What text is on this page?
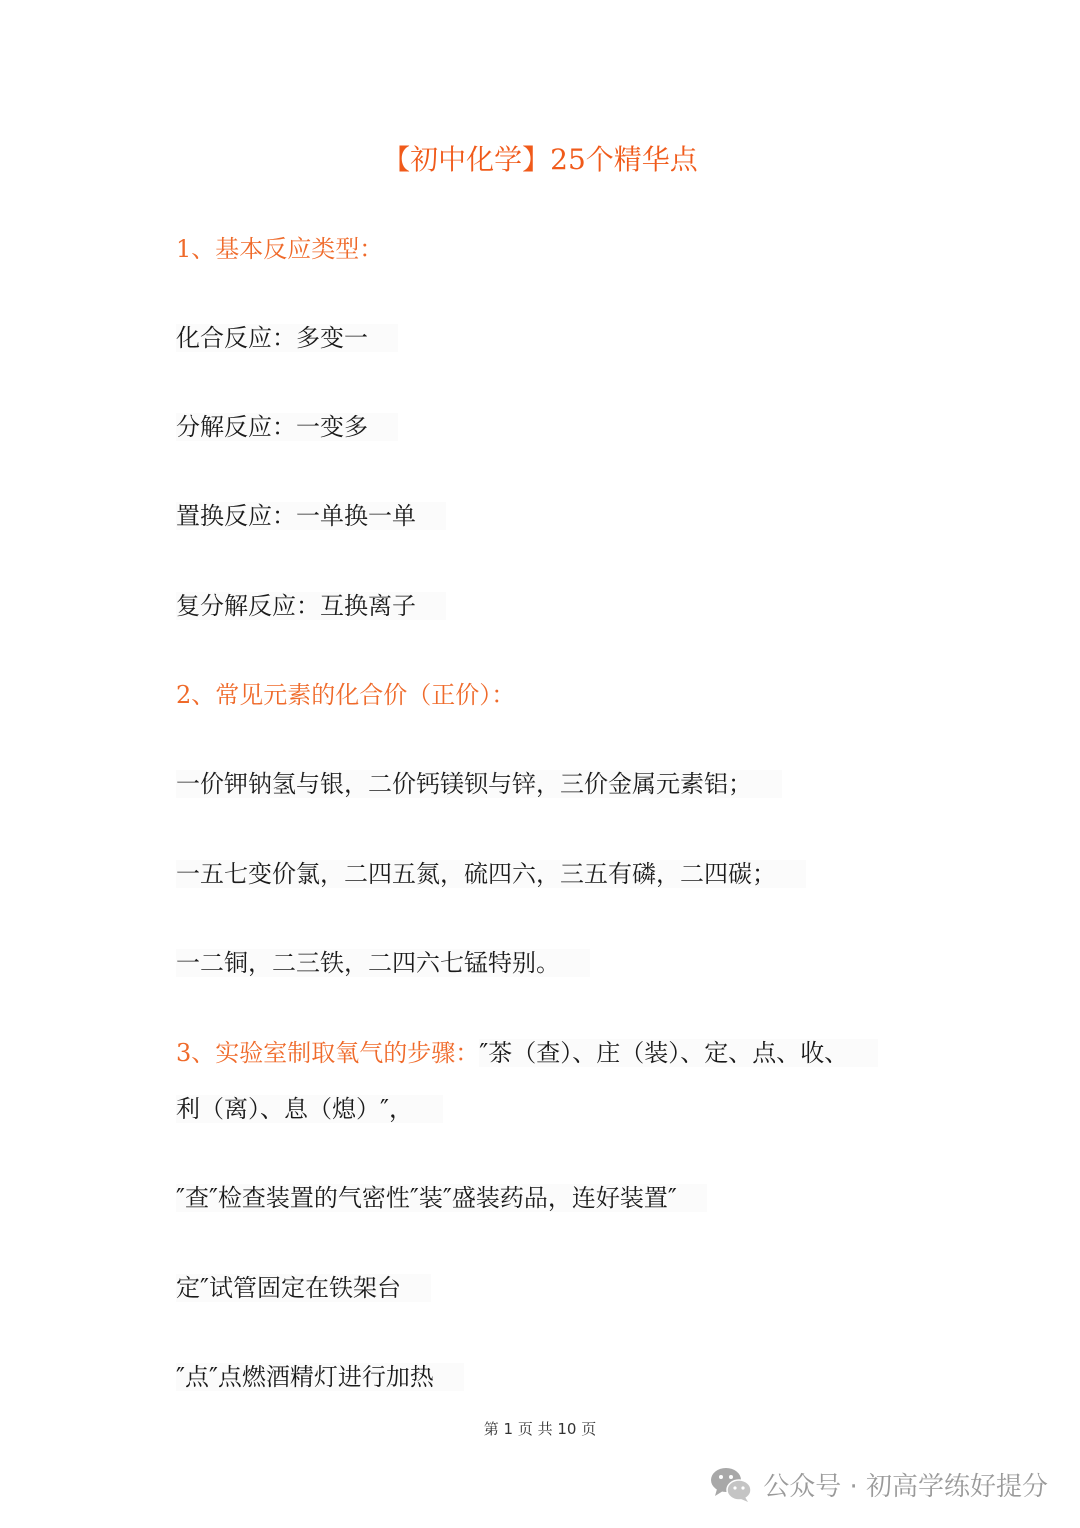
【初中化学】25个精华点
1、基本反应类型：
化合反应：多变一
分解反应：一变多
置换反应：一单换一单
复分解反应：互换离子
2、常见元素的化合价（正价）：
一价钾钠氢与银，二价钙镁钡与锌，三价金属元素铝；
一五七变价氯，二四五氮，硫四六，三五有磷，二四碳；
一二铜，二三铁，二四六七锰特别。
3、实验室制取氧气的步骤：″茶（查）、庄（装）、定、点、收、
利（离）、息（熄）″，
″查″检查装置的气密性″装″盛装药品，连好装置″
定″试管固定在铁架台
″点″点燃酒精灯进行加热
第 1 页 共 10 页
公众号 · 初高学练好提分
